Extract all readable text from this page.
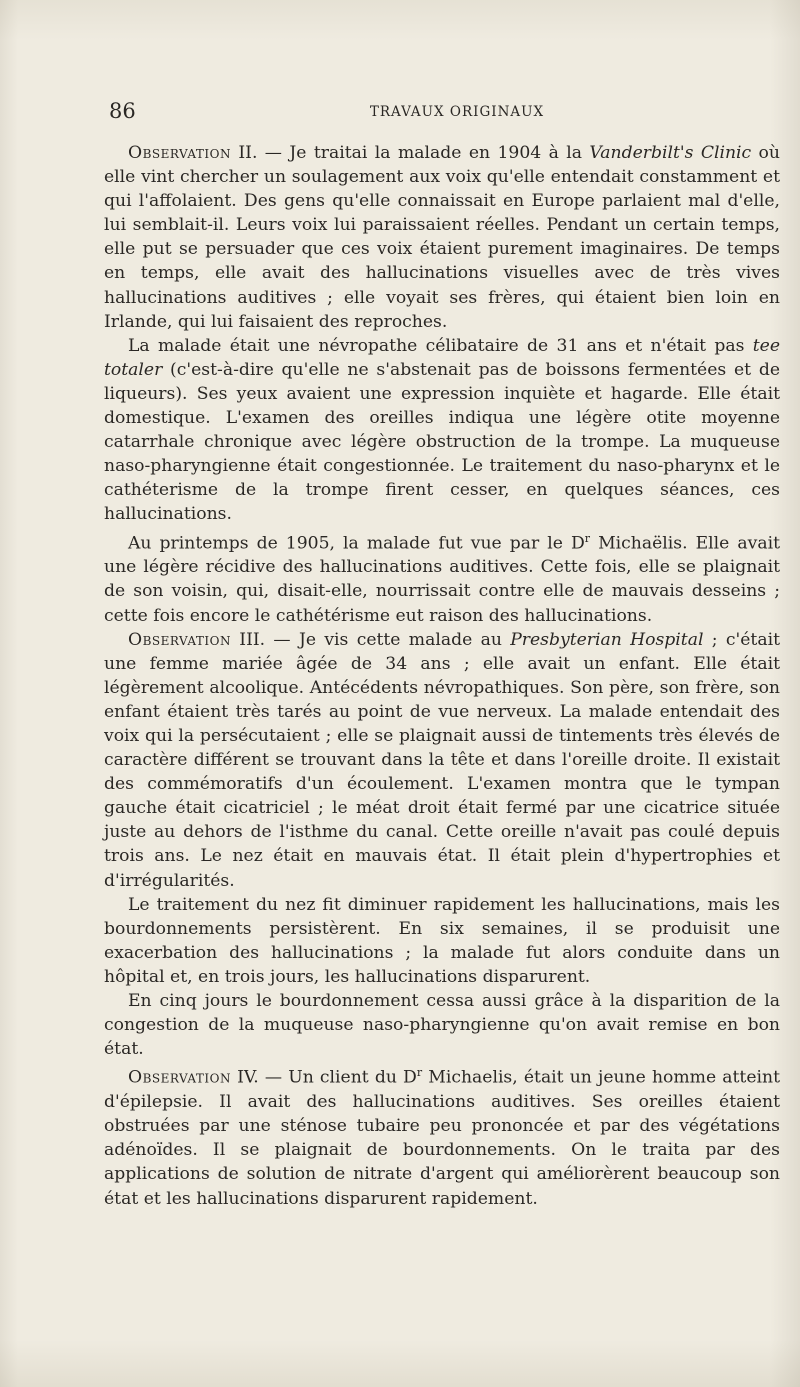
86	TRAVAUX ORIGINAUX

Observation II. — Je traitai la malade en 1904 à la Vanderbilt's Clinic où elle vint chercher un soulagement aux voix qu'elle entendait constamment et qui l'affolaient. Des gens qu'elle connaissait en Europe parlaient mal d'elle, lui semblait-il. Leurs voix lui paraissaient réelles. Pendant un certain temps, elle put se persuader que ces voix étaient purement imaginaires. De temps en temps, elle avait des hallucinations visuelles avec de très vives hallucinations auditives ; elle voyait ses frères, qui étaient bien loin en Irlande, qui lui faisaient des reproches.

La malade était une névropathe célibataire de 31 ans et n'était pas tee totaler (c'est-à-dire qu'elle ne s'abstenait pas de boissons fermentées et de liqueurs). Ses yeux avaient une expression inquiète et hagarde. Elle était domestique. L'examen des oreilles indiqua une légère otite moyenne catarrhale chronique avec légère obstruction de la trompe. La muqueuse naso-pharyngienne était congestionnée. Le traitement du naso-pharynx et le cathéterisme de la trompe firent cesser, en quelques séances, ces hallucinations.

Au printemps de 1905, la malade fut vue par le $D^r$ Michaëlis. Elle avait une légère récidive des hallucinations auditives. Cette fois, elle se plaignait de son voisin, qui, disait-elle, nourrissait contre elle de mauvais desseins ; cette fois encore le cathétérisme eut raison des hallucinations.

Observation III. — Je vis cette malade au Presbyterian Hospital ; c'était une femme mariée âgée de 34 ans ; elle avait un enfant. Elle était légèrement alcoolique. Antécédents névropathiques. Son père, son frère, son enfant étaient très tarés au point de vue nerveux. La malade entendait des voix qui la persécutaient ; elle se plaignait aussi de tintements très élevés de caractère différent se trouvant dans la tête et dans l'oreille droite. Il existait des commémoratifs d'un écoulement. L'examen montra que le tympan gauche était cicatriciel ; le méat droit était fermé par une cicatrice située juste au dehors de l'isthme du canal. Cette oreille n'avait pas coulé depuis trois ans. Le nez était en mauvais état. Il était plein d'hypertrophies et d'irrégularités.

Le traitement du nez fit diminuer rapidement les hallucinations, mais les bourdonnements persistèrent. En six semaines, il se produisit une exacerbation des hallucinations ; la malade fut alors conduite dans un hôpital et, en trois jours, les hallucinations disparurent.

En cinq jours le bourdonnement cessa aussi grâce à la disparition de la congestion de la muqueuse naso-pharyngienne qu'on avait remise en bon état.

Observation IV. — Un client du $D^r$ Michaelis, était un jeune homme atteint d'épilepsie. Il avait des hallucinations auditives. Ses oreilles étaient obstruées par une sténose tubaire peu prononcée et par des végétations adénoïdes. Il se plaignait de bourdonnements. On le traita par des applications de solution de nitrate d'argent qui améliorèrent beaucoup son état et les hallucinations disparurent rapidement.
